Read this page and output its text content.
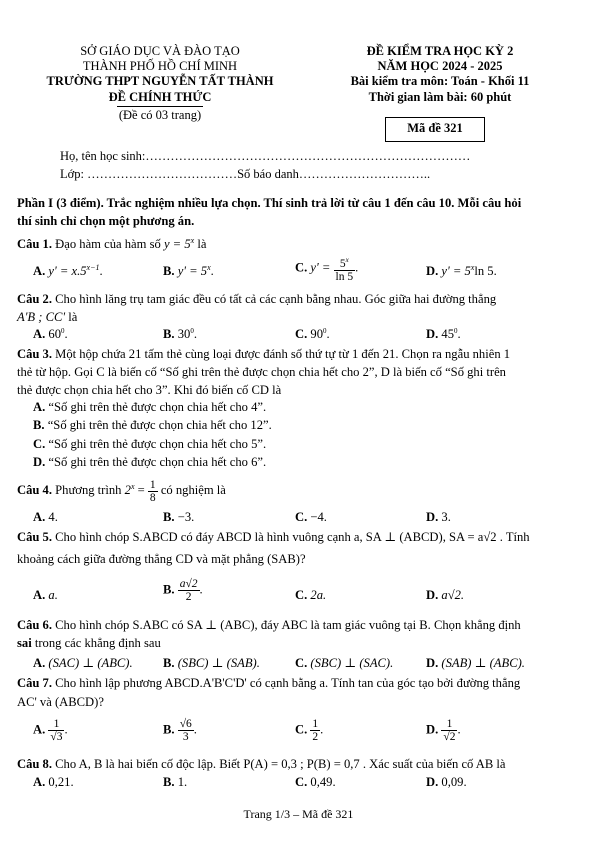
SỞ GIÁO DỤC VÀ ĐÀO TẠO
THÀNH PHỐ HỒ CHÍ MINH
TRƯỜNG THPT NGUYỄN TẤT THÀNH
ĐỀ CHÍNH THỨC
(Đề có 03 trang)
ĐỀ KIỂM TRA HỌC KỲ 2
NĂM HỌC 2024 - 2025
Bài kiểm tra môn: Toán - Khối 11
Thời gian làm bài: 60 phút
Mã đề 321
Họ, tên học sinh:……………………………………………………………………
Lớp: ………………………………Số báo danh…………………………..
Phần I (3 điểm). Trắc nghiệm nhiều lựa chọn. Thí sinh trả lời từ câu 1 đến câu 10. Mỗi câu hỏi
thí sinh chỉ chọn một phương án.
Câu 1. Đạo hàm của hàm số $y = 5^x$ là
A. $y' = x.5^{x-1}$.	B. $y' = 5^x$.	C. $y' = \frac{5^x}{\ln 5}$ .	D. $y' = 5^x\ln$ 5.
Câu 2. Cho hình lăng trụ tam giác đều có tất cả các cạnh bằng nhau. Góc giữa hai đường thẳng
A'B ; CC' là
A. $60^0$.	B. $30^0$.	C. $90^0$.	D. $45^0$.
Câu 3. Một hộp chứa 21 tấm thẻ cùng loại được đánh số thứ tự từ 1 đến 21. Chọn ra ngẫu nhiên 1
thẻ từ hộp. Gọi C là biến cố “Số ghi trên thẻ được chọn chia hết cho 2”, D là biến cố “Số ghi trên
thẻ được chọn chia hết cho 3”. Khi đó biến cố CD là
A. “Số ghi trên thẻ được chọn chia hết cho 4”.
B. “Số ghi trên thẻ được chọn chia hết cho 12”.
C. “Số ghi trên thẻ được chọn chia hết cho 5”.
D. “Số ghi trên thẻ được chọn chia hết cho 6”.
Câu 4. Phương trình $2^x = \frac{1}{8}$ có nghiệm là
A. 4.	B. −3.	C. −4.	D. 3.
Câu 5. Cho hình chóp S.ABCD có đáy ABCD là hình vuông cạnh a, SA ⊥ (ABCD), SA = a√2 . Tính
khoảng cách giữa đường thẳng CD và mặt phẳng (SAB)?
A. a.	B. $\frac{a√2}{2}$ .	C. 2a.	D. a√2.
Câu 6. Cho hình chóp S.ABC có SA ⊥ (ABC), đáy ABC là tam giác vuông tại B. Chọn khẳng định
sai trong các khẳng định sau
A. (SAC) ⊥ (ABC). B. (SBC) ⊥ (SAB).	C. (SBC) ⊥ (SAC).	D. (SAB) ⊥ (ABC).
Câu 7. Cho hình lập phương ABCD.A'B'C'D' có cạnh bằng a. Tính tan của góc tạo bởi đường thẳng
AC' và (ABCD)?
A. $\frac{1}{√3}$ .	B. $\frac{√6}{3}$ .	C. $\frac{1}{2}$ .	D. $\frac{1}{√2}$ .
Câu 8. Cho A, B là hai biến cố độc lập. Biết P(A) = 0,3 ; P(B) = 0,7 . Xác suất của biến cố AB là
A. 0,21.	B. 1.	C. 0,49.	D. 0,09.
Trang 1/3 – Mã đề 321
